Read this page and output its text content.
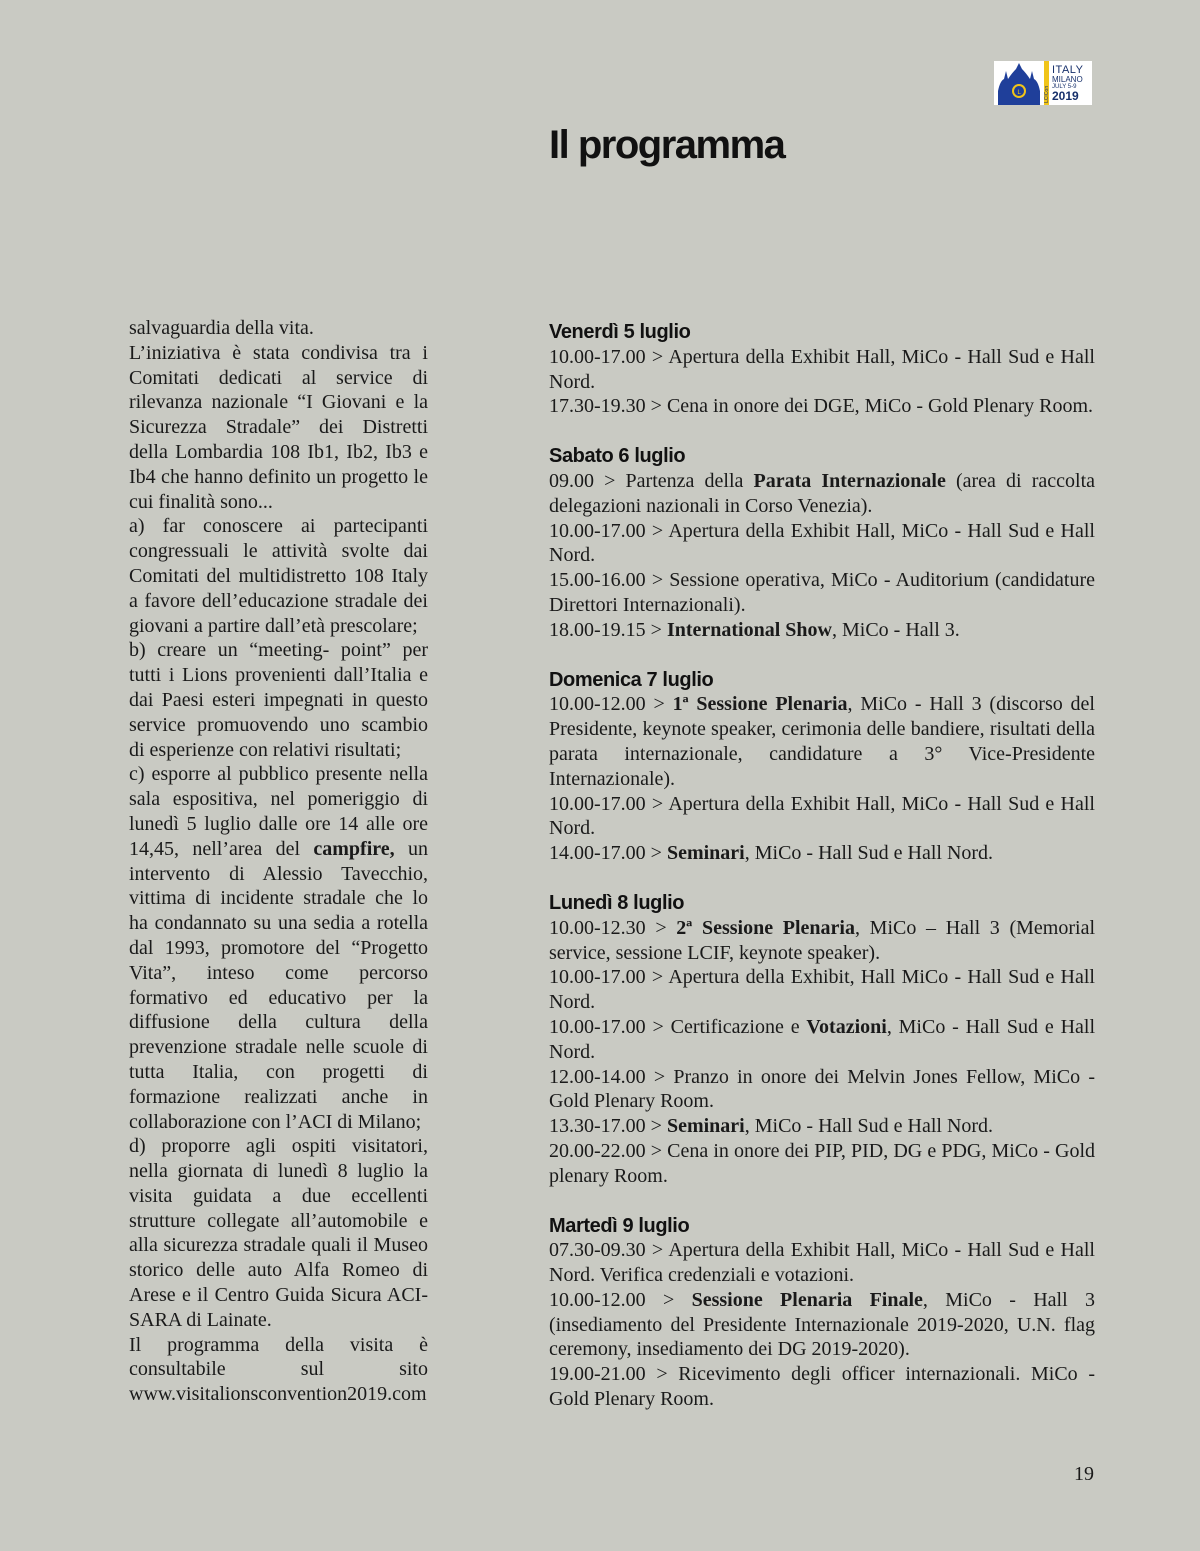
L	LCICon
ITALY
MILANO
JULY 5-9
2019
Il programma

salvaguardia della vita.

L’iniziativa è stata condivisa tra i Comitati dedicati al service di rilevanza nazionale “I Giovani e la Sicurezza Stradale” dei Distretti della Lombardia 108 Ib1, Ib2, Ib3 e Ib4 che hanno definito un progetto le cui finalità sono...

a) far conoscere ai partecipanti congressuali le attività svolte dai Comitati del multidistretto 108 Italy a favore dell’educazione stradale dei giovani a partire dall’età prescolare;

b) creare un “meeting- point” per tutti i Lions provenienti dall’Italia e dai Paesi esteri impegnati in questo service promuovendo uno scambio di esperienze con relativi risultati;

c) esporre al pubblico presente nella sala espositiva, nel pomeriggio di lunedì 5 luglio dalle ore 14 alle ore 14,45, nell’area del campfire, un intervento di Alessio Tavecchio, vittima di incidente stradale che lo ha condannato su una sedia a rotella dal 1993, promotore del “Progetto Vita”, inteso come percorso formativo ed educativo per la diffusione della cultura della prevenzione stradale nelle scuole di tutta Italia, con progetti di formazione realizzati anche in collaborazione con l’ACI di Milano;

d) proporre agli ospiti visitatori, nella giornata di lunedì 8 luglio la visita guidata a due eccellenti strutture collegate all’automobile e alla sicurezza stradale quali il Museo storico delle auto Alfa Romeo di Arese e il Centro Guida Sicura ACI-SARA di Lainate.

Il programma della visita è consultabile sul sito www.visitalionsconvention2019.com

Venerdì 5 luglio

10.00-17.00 > Apertura della Exhibit Hall, MiCo - Hall Sud e Hall Nord.

17.30-19.30 > Cena in onore dei DGE, MiCo - Gold Plenary Room.

Sabato 6 luglio

09.00 > Partenza della Parata Internazionale (area di raccolta delegazioni nazionali in Corso Venezia).

10.00-17.00 > Apertura della Exhibit Hall, MiCo - Hall Sud e Hall Nord.

15.00-16.00 > Sessione operativa, MiCo - Auditorium (candidature Direttori Internazionali).

18.00-19.15 > International Show, MiCo - Hall 3.

Domenica 7 luglio

10.00-12.00 > 1ª Sessione Plenaria, MiCo - Hall 3 (discorso del Presidente, keynote speaker, cerimonia delle bandiere, risultati della parata internazionale, candidature a 3° Vice-Presidente Internazionale).

10.00-17.00 > Apertura della Exhibit Hall, MiCo - Hall Sud e Hall Nord.

14.00-17.00 > Seminari, MiCo - Hall Sud e Hall Nord.

Lunedì 8 luglio

10.00-12.30 > 2ª Sessione Plenaria, MiCo – Hall 3 (Memorial service, sessione LCIF, keynote speaker).

10.00-17.00 > Apertura della Exhibit, Hall MiCo - Hall Sud e Hall Nord.

10.00-17.00 > Certificazione e Votazioni, MiCo - Hall Sud e Hall Nord.

12.00-14.00 > Pranzo in onore dei Melvin Jones Fellow, MiCo - Gold Plenary Room.

13.30-17.00 > Seminari, MiCo - Hall Sud e Hall Nord.

20.00-22.00 > Cena in onore dei PIP, PID, DG e PDG, MiCo - Gold plenary Room.

Martedì 9 luglio

07.30-09.30 > Apertura della Exhibit Hall, MiCo - Hall Sud e Hall Nord. Verifica credenziali e votazioni.

10.00-12.00 > Sessione Plenaria Finale, MiCo - Hall 3 (insediamento del Presidente Internazionale 2019-2020, U.N. flag ceremony, insediamento dei DG 2019-2020).

19.00-21.00 > Ricevimento degli officer internazionali. MiCo - Gold Plenary Room.

19
